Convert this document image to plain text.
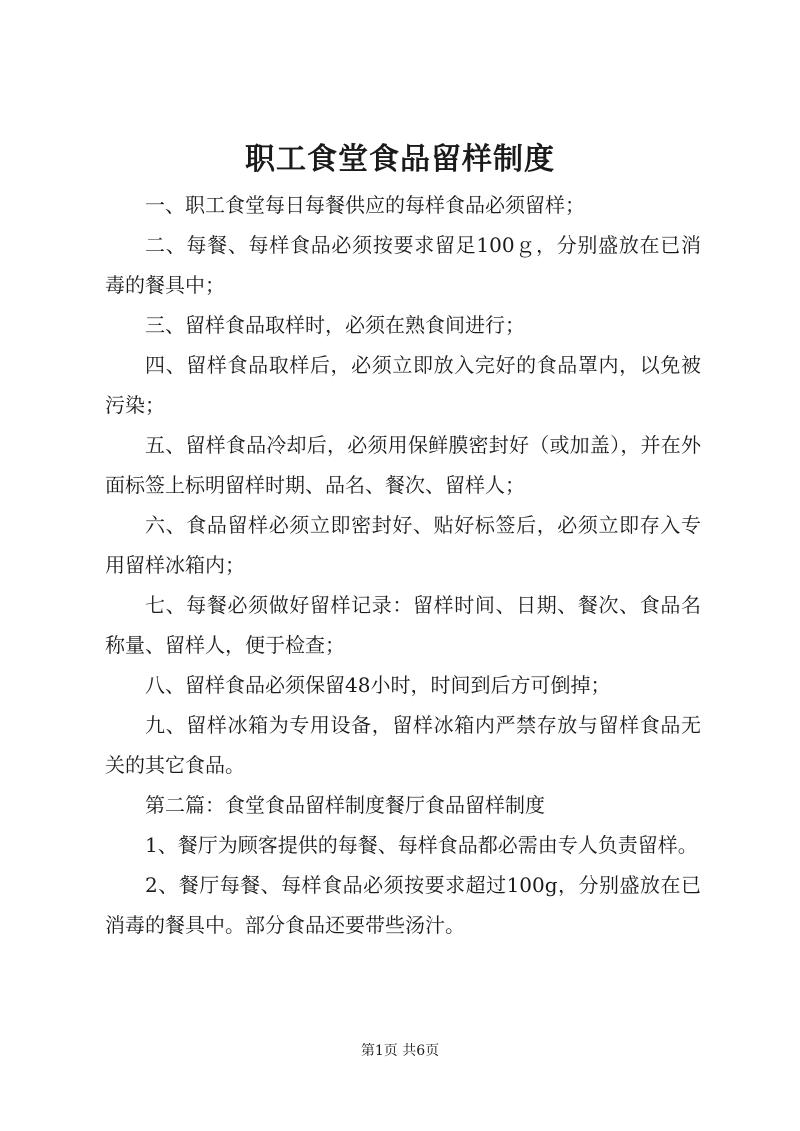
职工食堂食品留样制度

一、职工食堂每日每餐供应的每样食品必须留样；

二、每餐、每样食品必须按要求留足100ｇ，分别盛放在已消毒的餐具中；

三、留样食品取样时，必须在熟食间进行；

四、留样食品取样后，必须立即放入完好的食品罩内，以免被污染；

五、留样食品冷却后，必须用保鲜膜密封好（或加盖），并在外面标签上标明留样时期、品名、餐次、留样人；

六、食品留样必须立即密封好、贴好标签后，必须立即存入专用留样冰箱内；

七、每餐必须做好留样记录：留样时间、日期、餐次、食品名称量、留样人，便于检查；

八、留样食品必须保留48小时，时间到后方可倒掉；

九、留样冰箱为专用设备，留样冰箱内严禁存放与留样食品无关的其它食品。

第二篇：食堂食品留样制度餐厅食品留样制度

1、餐厅为顾客提供的每餐、每样食品都必需由专人负责留样。

2、餐厅每餐、每样食品必须按要求超过100g，分别盛放在已消毒的餐具中。部分食品还要带些汤汁。

第1页 共6页
